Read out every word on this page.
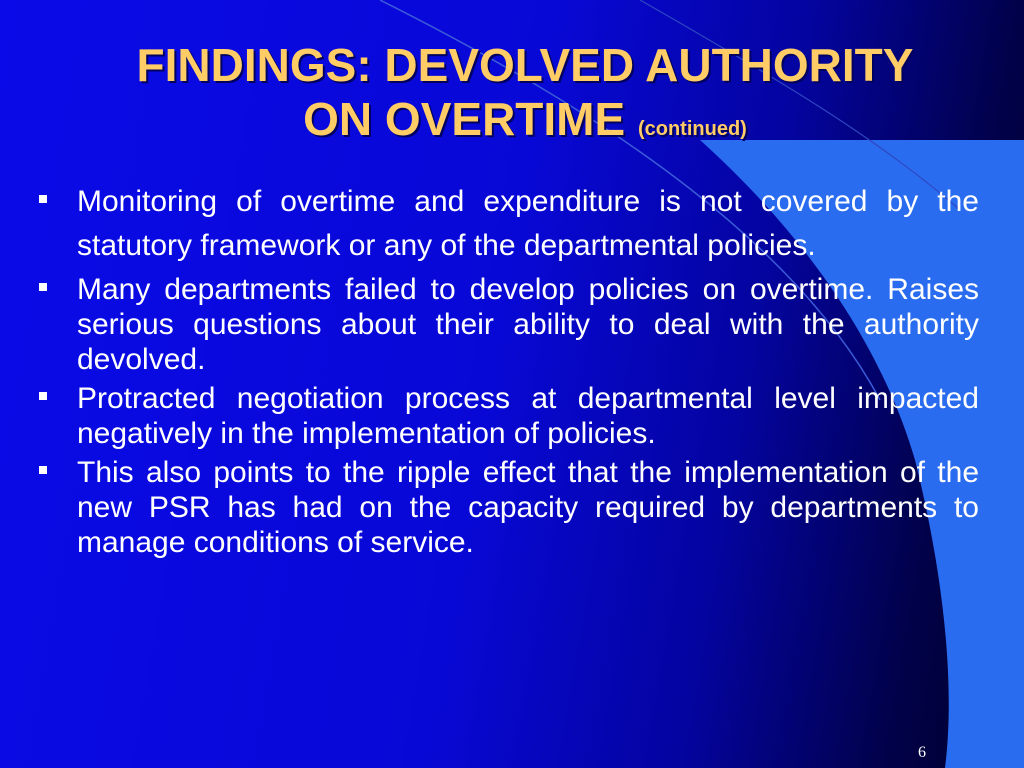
FINDINGS: DEVOLVED AUTHORITY
ON OVERTIME (continued)
Monitoring of overtime and expenditure is not covered by the statutory framework or any of the departmental policies.
Many departments failed to develop policies on overtime. Raises serious questions about their ability to deal with the authority devolved.
Protracted negotiation process at departmental level impacted negatively in the implementation of policies.
This also points to the ripple effect that the implementation of the new PSR has had on the capacity required by departments to manage conditions of service.
6
